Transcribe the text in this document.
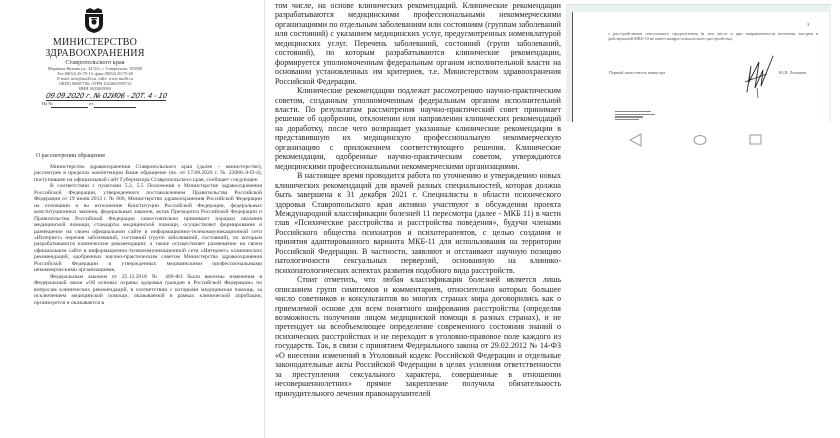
МИНИСТЕРСТВО
ЗДРАВООХРАНЕНИЯ
Ставропольского края
Маршала Жукова ул., 42/311, г. Ставрополь, 355000
Тел (8652) 26-79-15, факс (8652) 26-75-60
E-mail: info@mz26.ru, сайт: www.mz26.ru
ОКПО 00087700, ОГРН 1022601995712
ИНН 2633005994
09.09.2020 г. № 02И06 - 20Т. 4 - 10
На №	от
О рассмотрении обращения

Министерство здравоохранения Ставропольского края (далее – министерство), рассмотрев в пределах компетенции Ваше обращение (вх. от 17.08.2020 г. № 22086-Э-П-4), поступившее на официальный сайт Губернатора Ставропольского края, сообщает следующее.

В соответствии с пунктами 5.2, 5.5 Положения о Министерстве здравоохранения Российской Федерации, утвержденного постановлением Правительства Российской Федерации от 19 июня 2012 г. № 608, Министерство здравоохранения Российской Федерации на основании и во исполнение Конституции Российской Федерации, федеральных конституционных законов, федеральных законов, актов Президента Российской Федерации и Правительства Российской Федерации самостоятельно принимает порядки оказания медицинской помощи, стандарты медицинской помощи, осуществляет формирование и размещение на своем официальном сайте в информационно-телекоммуникационной сети «Интернет» перечня заболеваний, состояний (групп заболеваний, состояний), по которым разрабатываются клинические рекомендации; а также осуществляет размещение на своем официальном сайте в информационно-телекоммуникационной сети «Интернет» клинических рекомендаций, одобренных научно-практическим советом Министерства здравоохранения Российской Федерации и утвержденных медицинскими профессиональными некоммерческими организациями.

Федеральным законом от 25.12.2018 № 489-ФЗ были внесены изменения в Федеральный закон «Об основах охраны здоровья граждан в Российской Федерации» по вопросам клинических рекомендаций, в соответствии с которыми медицинская помощь, за исключением медицинской помощи, оказываемой в рамках клинической апробации, организуется и оказывается в

том числе, на основе клинических рекомендаций. Клинические рекомендации разрабатываются медицинскими профессиональными некоммерческими организациями по отдельным заболеваниям или состояниям (группам заболеваний или состояний) с указанием медицинских услуг, предусмотренных номенклатурой медицинских услуг. Перечень заболеваний, состояний (групп заболеваний, состояний), по которым разрабатываются клинические рекомендации, формируется уполномоченным федеральным органом исполнительной власти на основании установленных им критериев, т.е. Министерством здравоохранения Российской Федерации.

Клинические рекомендации подлежат рассмотрению научно-практическим советом, созданным уполномоченным федеральным органом исполнительной власти. По результатам рассмотрения научно-практический совет принимает решение об одобрении, отклонении или направлении клинических рекомендаций на доработку, после чего возвращает указанные клинические рекомендации в представившую их медицинскую профессиональную некоммерческую организацию с приложением соответствующего решения. Клинические рекомендации, одобренные научно-практическим советом, утверждаются медицинскими профессиональными некоммерческими организациями.

В настоящее время проводится работа по уточнению и утверждению новых клинических рекомендаций для врачей разных специальностей, которая должна быть завершена к 31 декабря 2021 г. Специалисты в области психического здоровья Ставропольского края активно участвуют в обсуждении проекта Международной классификации болезней 11 пересмотра (далее - МКБ 11) в части глав «Психические расстройства и расстройства поведения», будучи членами Российского общества психиатров и психотерапевтов, с целью создания и принятия адаптированного варианта МКБ-11 для использования на территории Российской Федерации. В частности, заявляют и отстаивают научную позицию патологичности сексуальных перверзий, основанную на клинико-психопатологических аспектах развития подобного вида расстройств.

Стоит отметить, что любая классификация болезней является лишь описанием групп симптомов и комментариев, относительно которых большее число советников и консультантов во многих странах мира договорились как о приемлемой основе для всем понятного шифрования расстройства (определяя возможность получения лицом медицинской помощи в разных странах), и не претендует на всеобъемлющее определение современного состояния знаний о психических расстройствах и не переходит в уголовно-правовое поле каждого из государств. Так, в связи с принятием Федерального закона от 29.02.2012 № 14-ФЗ «О внесении изменений в Уголовный кодекс Российской Федерации и отдельные законодательные акты Российской Федерации в целях усиления ответственности за преступления сексуального характера, совершенные в отношении несовершеннолетних» прямое закрепление получила обязательность принудительного лечения правонарушителей

3
с расстройствами сексуального предпочтения (в том числе и при направленности влечения, которая в действующей МКБ-10 не имеет шифра психического расстройства).
Первый заместитель министра	Ю.В. Латышев
